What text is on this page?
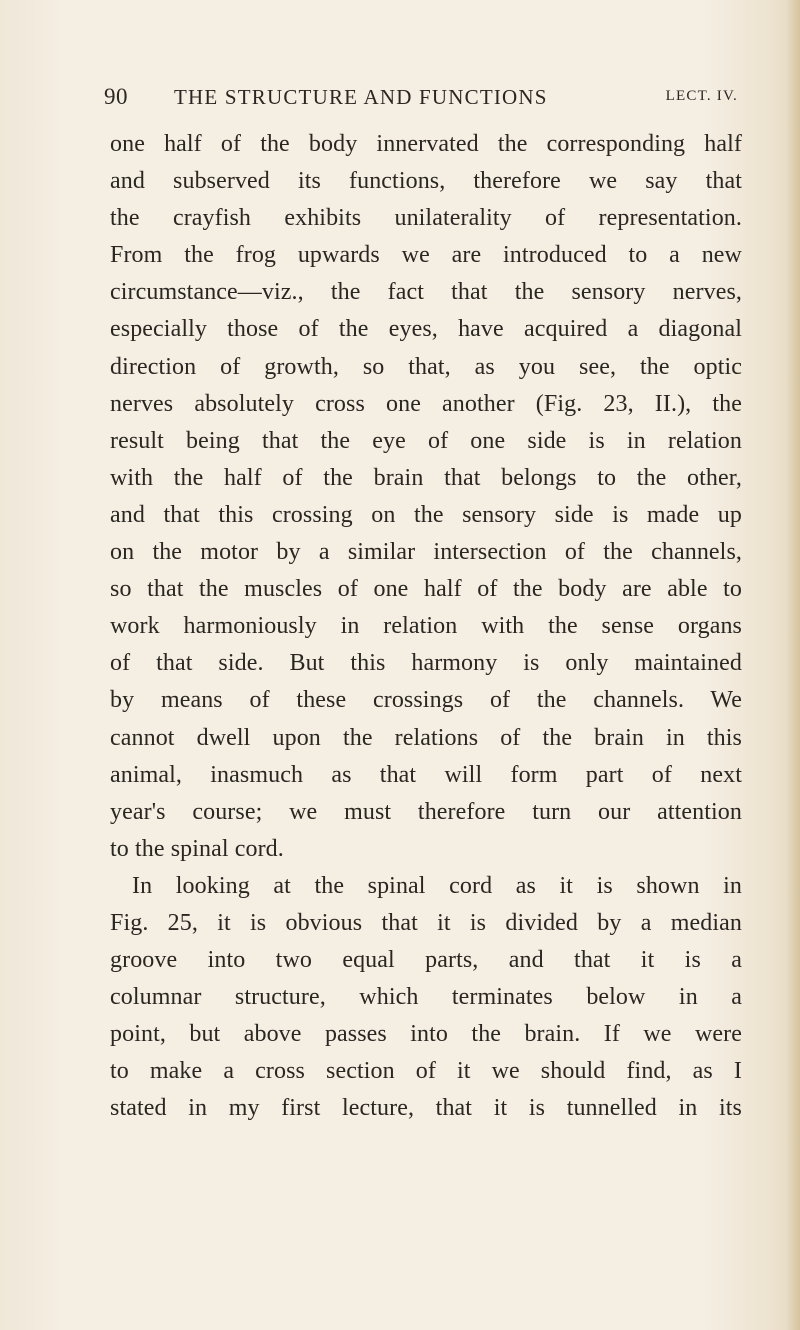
90 THE STRUCTURE AND FUNCTIONS	LECT. IV.
one half of the body innervated the corresponding half
and subserved its functions, therefore we say that
the crayfish exhibits unilaterality of representation.
From the frog upwards we are introduced to a new
circumstance—viz., the fact that the sensory nerves,
especially those of the eyes, have acquired a diagonal
direction of growth, so that, as you see, the optic
nerves absolutely cross one another (Fig. 23, II.), the
result being that the eye of one side is in relation
with the half of the brain that belongs to the other,
and that this crossing on the sensory side is made up
on the motor by a similar intersection of the channels,
so that the muscles of one half of the body are able to
work harmoniously in relation with the sense organs
of that side. But this harmony is only maintained
by means of these crossings of the channels. We
cannot dwell upon the relations of the brain in this
animal, inasmuch as that will form part of next
year's course; we must therefore turn our attention
to the spinal cord.
In looking at the spinal cord as it is shown in
Fig. 25, it is obvious that it is divided by a median
groove into two equal parts, and that it is a
columnar structure, which terminates below in a
point, but above passes into the brain. If we were
to make a cross section of it we should find, as I
stated in my first lecture, that it is tunnelled in its
